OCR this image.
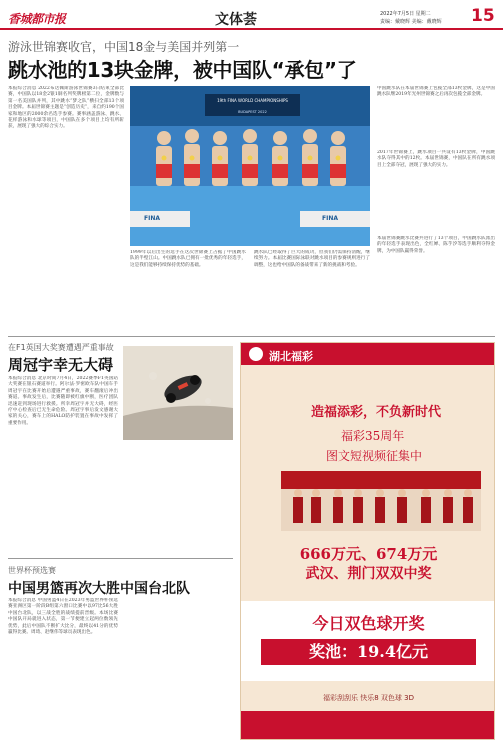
香城都市报	文体荟	2022年7月5日 星期二
责编：戴晓辉 美编：戴晓辉 15
游泳世锦赛收官，中国18金与美国并列第一
跳水池的13块金牌，被中国队“承包”了
本报综合消息 2022布达佩斯游泳世锦赛3日结束全部比赛，中国队以18金2银1铜名列奖牌榜第二位，金牌数与第一名美国队并列，其中跳水“梦之队”横扫全部13个项目金牌。本届世锦赛主题是“创造历史”，来自约190个国家和地区的2000余名选手参赛。赛事涵盖游泳、跳水、花样游泳和水球等项目，中国队在多个项目上均有所斩获，展现了强大的综合实力。
19th FINA WORLD CHAMPIONSHIPS
BUDAPEST 2022
FINA	FINA
1999年以后出生的选手在这次世锦赛上占据了中国跳水队的半壁江山。中国跳水队已拥有一批优秀的年轻选手，这是我们能够持续保持优势的基础。
跳水队已经取得了巨大的成功，但我们仍需保持清醒，继续努力。本届比赛国际泳联对跳水项目的参赛规则进行了调整，这也给中国队的备战带来了新的挑战和考验。
中国跳水队在本届世锦赛上包揽全部13枚金牌，这是中国跳水队继2019年光州世锦赛之后再次包揽全部金牌。
2017年世锦赛上，跳水项目一共设有13枚金牌，中国跳水队夺得其中的12枚。本届世锦赛，中国队在所有跳水项目上全部夺冠，展现了强大的实力。
本届世锦赛跳水比赛共进行了13个项目，中国跳水队派出的年轻选手表现出色，全红婵、陈芋汐等选手顺利夺得金牌，为中国队赢得荣誉。
在F1英国大奖赛遭遇严重事故
周冠宇幸无大碍
本报综合消息 北京时间7月4日，2022赛季F1英国站大奖赛在银石赛道举行。阿尔法·罗密欧车队中国车手周冠宇在比赛开始后遭遇严重事故，赛车翻滚后冲出赛道。事故发生后，比赛随即被红旗中断，医疗团队迅速赶到现场进行救援。所幸周冠宇并无大碍，经医疗中心检查后已无生命危险。周冠宇事后发文感谢大家的关心，赛车上的HALO防护装置在事故中发挥了重要作用。
世界杯预选赛
中国男篮再次大胜中国台北队
本报综合消息 中国男篮4日在2023年男篮世界杯预选赛亚洲区第一阶段B组第六窗口比赛中以97比56大胜中国台北队，以三战全胜的战绩提前晋级。本场比赛中国队开局就进入状态，第一节便建立起两位数领先优势，此后中国队不断扩大比分，最终以41分的优势赢得比赛。周琦、赵继伟等球员表现出色。
湖北福彩
造福添彩，不负新时代
福彩35周年
图文短视频征集中
666万元、674万元
武汉、荆门双双中奖
今日双色球开奖
奖池：19.4亿元
福彩刮刮乐 快乐8 双色球 3D
